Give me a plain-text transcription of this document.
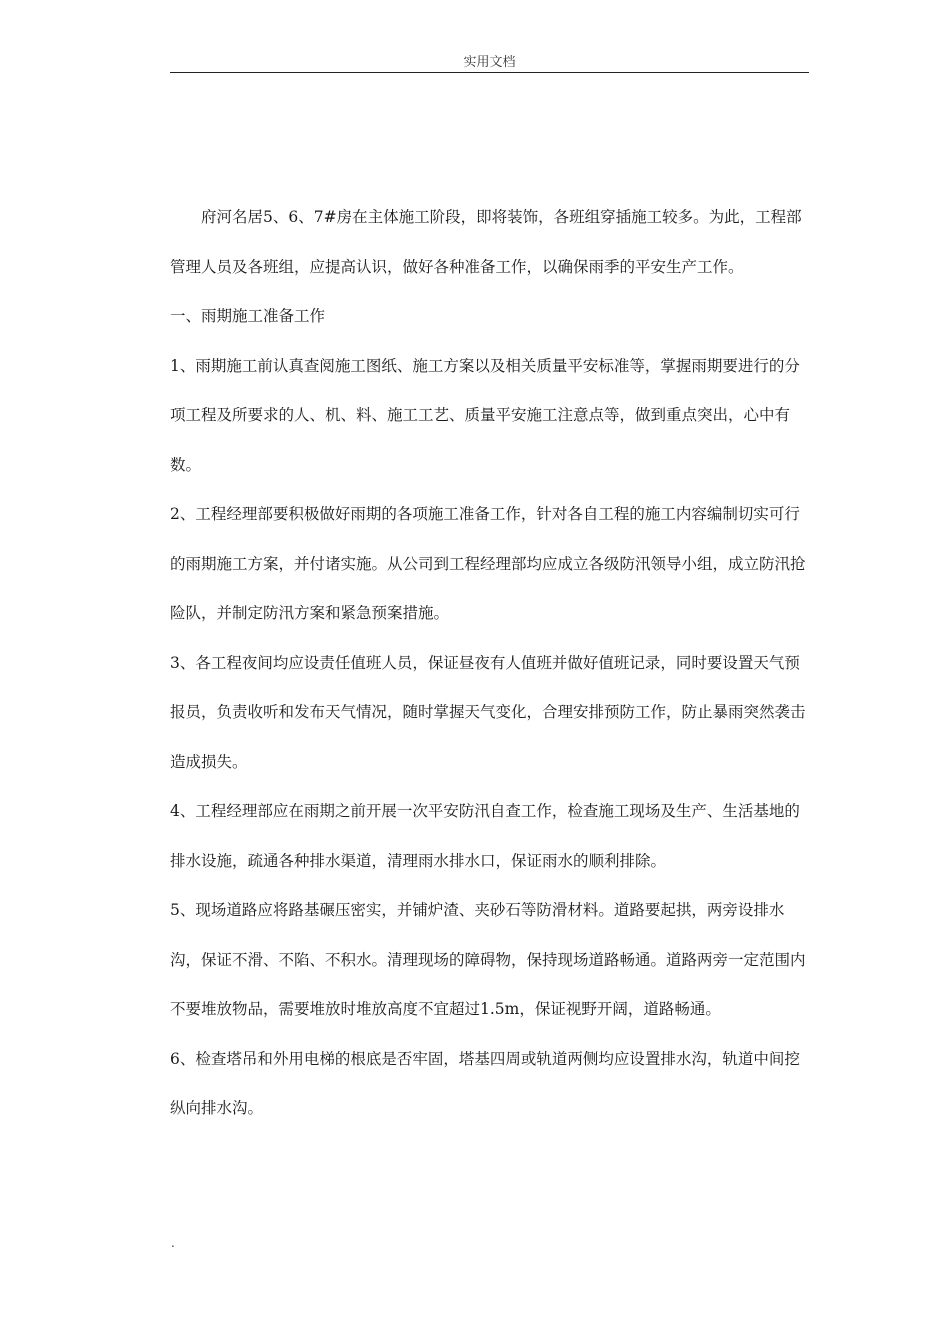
实用文档

府河名居5、6、7#房在主体施工阶段，即将装饰，各班组穿插施工较多。为此，工程部管理人员及各班组，应提高认识，做好各种准备工作，以确保雨季的平安生产工作。

一、雨期施工准备工作

1、雨期施工前认真查阅施工图纸、施工方案以及相关质量平安标准等，掌握雨期要进行的分项工程及所要求的人、机、料、施工工艺、质量平安施工注意点等，做到重点突出，心中有数。

2、工程经理部要积极做好雨期的各项施工准备工作，针对各自工程的施工内容编制切实可行的雨期施工方案，并付诸实施。从公司到工程经理部均应成立各级防汛领导小组，成立防汛抢险队，并制定防汛方案和紧急预案措施。

3、各工程夜间均应设责任值班人员，保证昼夜有人值班并做好值班记录，同时要设置天气预报员，负责收听和发布天气情况，随时掌握天气变化，合理安排预防工作，防止暴雨突然袭击造成损失。

4、工程经理部应在雨期之前开展一次平安防汛自查工作，检查施工现场及生产、生活基地的排水设施，疏通各种排水渠道，清理雨水排水口，保证雨水的顺利排除。

5、现场道路应将路基碾压密实，并铺炉渣、夹砂石等防滑材料。道路要起拱，两旁设排水沟，保证不滑、不陷、不积水。清理现场的障碍物，保持现场道路畅通。道路两旁一定范围内不要堆放物品，需要堆放时堆放高度不宜超过1.5m，保证视野开阔，道路畅通。

6、检查塔吊和外用电梯的根底是否牢固，塔基四周或轨道两侧均应设置排水沟，轨道中间挖纵向排水沟。

.
